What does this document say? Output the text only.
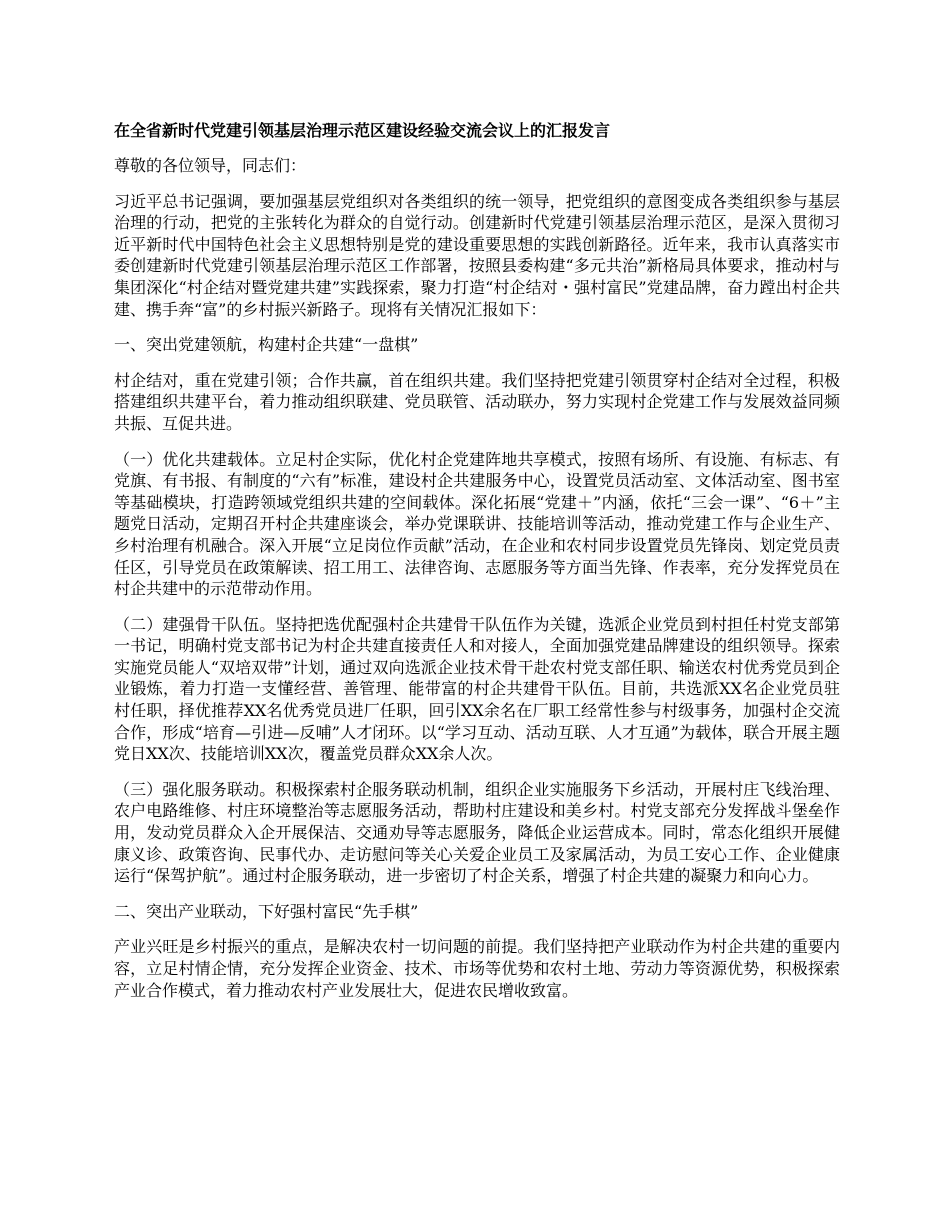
在全省新时代党建引领基层治理示范区建设经验交流会议上的汇报发言
尊敬的各位领导，同志们：
习近平总书记强调，要加强基层党组织对各类组织的统一领导，把党组织的意图变成各类组织参与基层治理的行动，把党的主张转化为群众的自觉行动。创建新时代党建引领基层治理示范区，是深入贯彻习近平新时代中国特色社会主义思想特别是党的建设重要思想的实践创新路径。近年来，我市认真落实市委创建新时代党建引领基层治理示范区工作部署，按照县委构建“多元共治”新格局具体要求，推动村与集团深化“村企结对暨党建共建”实践探索，聚力打造“村企结对・强村富民”党建品牌，奋力蹚出村企共建、携手奔“富”的乡村振兴新路子。现将有关情况汇报如下：
一、突出党建领航，构建村企共建“一盘棋”
村企结对，重在党建引领；合作共赢，首在组织共建。我们坚持把党建引领贯穿村企结对全过程，积极搭建组织共建平台，着力推动组织联建、党员联管、活动联办，努力实现村企党建工作与发展效益同频共振、互促共进。
（一）优化共建载体。立足村企实际，优化村企党建阵地共享模式，按照有场所、有设施、有标志、有党旗、有书报、有制度的“六有”标准，建设村企共建服务中心，设置党员活动室、文体活动室、图书室等基础模块，打造跨领域党组织共建的空间载体。深化拓展“党建＋”内涵，依托“三会一课”、“6＋”主题党日活动，定期召开村企共建座谈会，举办党课联讲、技能培训等活动，推动党建工作与企业生产、乡村治理有机融合。深入开展“立足岗位作贡献”活动，在企业和农村同步设置党员先锋岗、划定党员责任区，引导党员在政策解读、招工用工、法律咨询、志愿服务等方面当先锋、作表率，充分发挥党员在村企共建中的示范带动作用。
（二）建强骨干队伍。坚持把选优配强村企共建骨干队伍作为关键，选派企业党员到村担任村党支部第一书记，明确村党支部书记为村企共建直接责任人和对接人，全面加强党建品牌建设的组织领导。探索实施党员能人“双培双带”计划，通过双向选派企业技术骨干赴农村党支部任职、输送农村优秀党员到企业锻炼，着力打造一支懂经营、善管理、能带富的村企共建骨干队伍。目前，共选派XX名企业党员驻村任职，择优推荐XX名优秀党员进厂任职，回引XX余名在厂职工经常性参与村级事务，加强村企交流合作，形成“培育—引进—反哺”人才闭环。以“学习互动、活动互联、人才互通”为载体，联合开展主题党日XX次、技能培训XX次，覆盖党员群众XX余人次。
（三）强化服务联动。积极探索村企服务联动机制，组织企业实施服务下乡活动，开展村庄飞线治理、农户电路维修、村庄环境整治等志愿服务活动，帮助村庄建设和美乡村。村党支部充分发挥战斗堡垒作用，发动党员群众入企开展保洁、交通劝导等志愿服务，降低企业运营成本。同时，常态化组织开展健康义诊、政策咨询、民事代办、走访慰问等关心关爱企业员工及家属活动，为员工安心工作、企业健康运行“保驾护航”。通过村企服务联动，进一步密切了村企关系，增强了村企共建的凝聚力和向心力。
二、突出产业联动，下好强村富民“先手棋”
产业兴旺是乡村振兴的重点，是解决农村一切问题的前提。我们坚持把产业联动作为村企共建的重要内容，立足村情企情，充分发挥企业资金、技术、市场等优势和农村土地、劳动力等资源优势，积极探索产业合作模式，着力推动农村产业发展壮大，促进农民增收致富。
